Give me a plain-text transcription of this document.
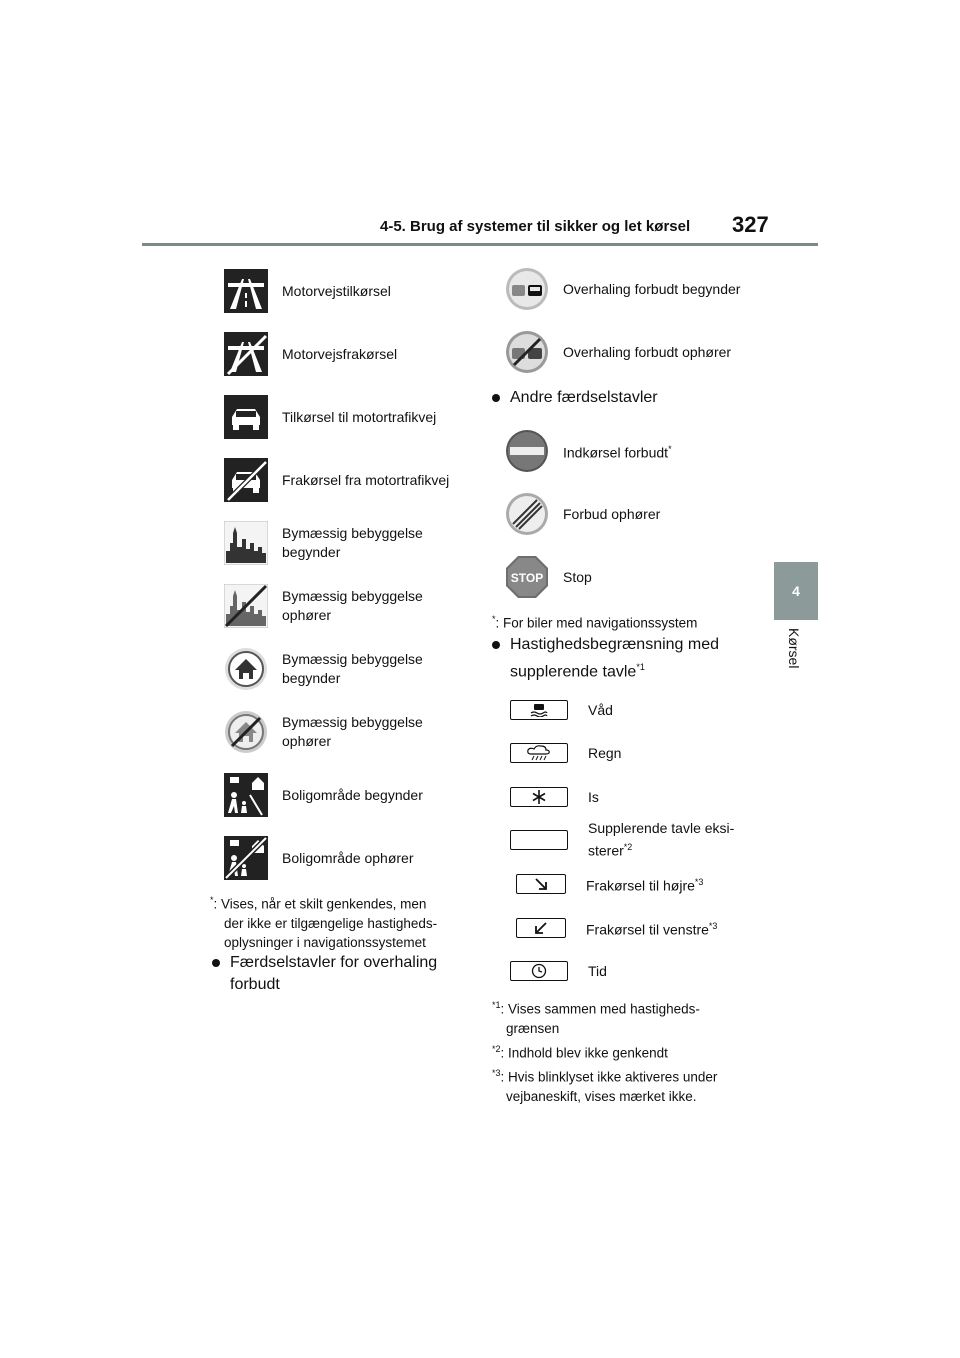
4-5. Brug af systemer til sikker og let kørsel 327
4
Kørsel
Motorvejstilkørsel
Motorvejsfrakørsel
Tilkørsel til motortrafikvej
Frakørsel fra motortrafikvej
Bymæssig bebyggelse begynder
Bymæssig bebyggelse ophører
Bymæssig bebyggelse begynder
Bymæssig bebyggelse ophører
Boligområde begynder
Boligområde ophører
*: Vises, når et skilt genkendes, men
der ikke er tilgængelige hastigheds-
oplysninger i navigationssystemet
Færdselstavler for overhaling
forbudt
Overhaling forbudt begynder
Overhaling forbudt ophører
Andre færdselstavler
Indkørsel forbudt*
Forbud ophører
STOP Stop
*: For biler med navigationssystem
Hastighedsbegrænsning med
supplerende tavle$^{*1}$
Våd
Regn
Is
Supplerende tavle eksi-
sterer$^{*2}$
Frakørsel til højre$^{*3}$
Frakørsel til venstre$^{*3}$
Tid
$^{*1}$: Vises sammen med hastigheds-
grænsen
$^{*2}$: Indhold blev ikke genkendt
$^{*3}$: Hvis blinklyset ikke aktiveres under
vejbaneskift, vises mærket ikke.
